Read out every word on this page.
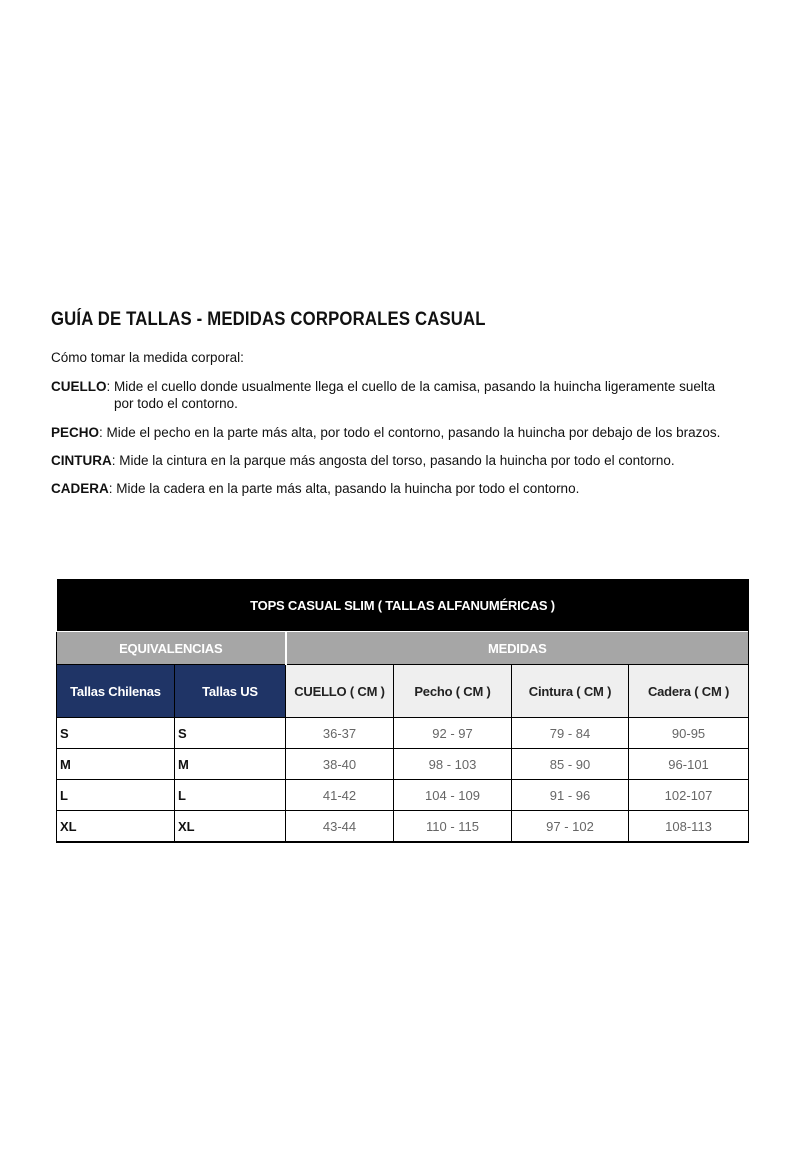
GUÍA DE TALLAS - MEDIDAS CORPORALES CASUAL

Cómo tomar la medida corporal:

CUELLO: Mide el cuello donde usualmente llega el cuello de la camisa, pasando la huincha ligeramente suelta
por todo el contorno.

PECHO: Mide el pecho en la parte más alta, por todo el contorno, pasando la huincha por debajo de los brazos.

CINTURA: Mide la cintura en la parque más angosta del torso, pasando la huincha por todo el contorno.

CADERA: Mide la cadera en la parte más alta, pasando la huincha por todo el contorno.

TOPS CASUAL SLIM ( TALLAS ALFANUMÉRICAS )					
EQUIVALENCIAS		MEDIDAS			
Tallas Chilenas	Tallas US	CUELLO ( CM )	Pecho ( CM )	Cintura ( CM )	Cadera ( CM )
S	S	36-37	92 - 97	79 - 84	90-95
M	M	38-40	98 - 103	85 - 90	96-101
L	L	41-42	104 - 109	91 - 96	102-107
XL	XL	43-44	110 - 115	97 - 102	108-113
